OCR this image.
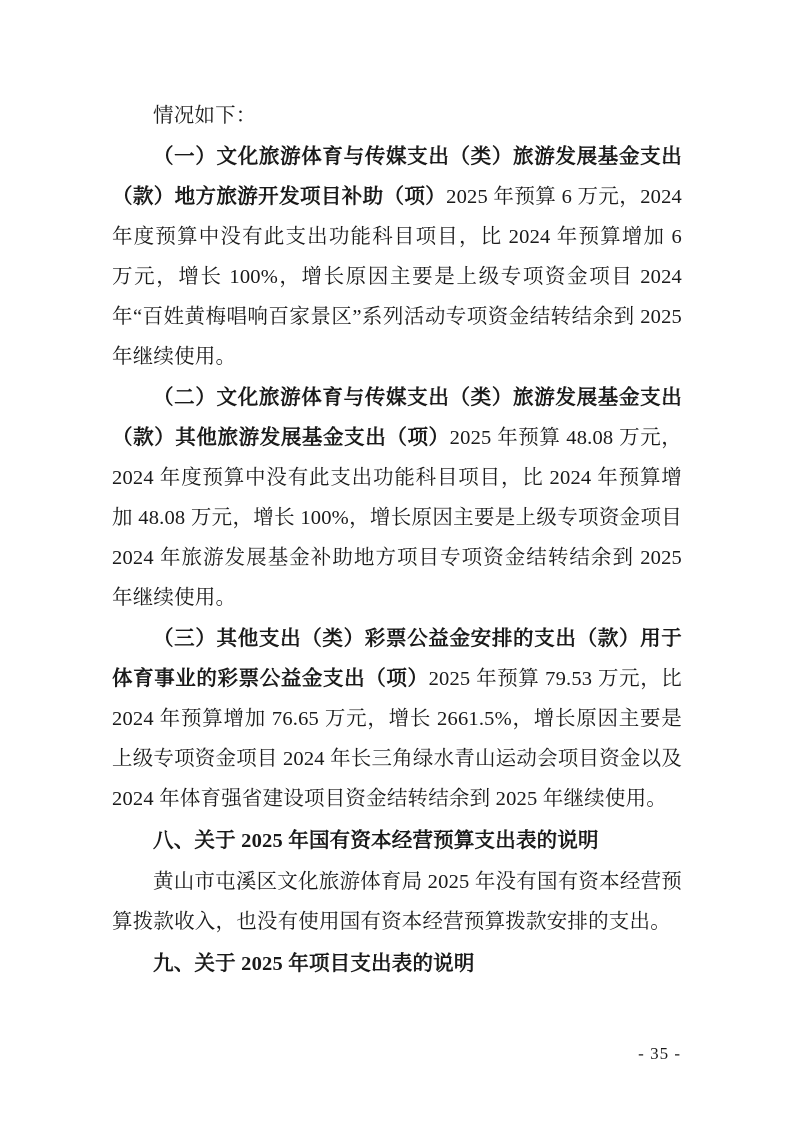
情况如下：

（一）文化旅游体育与传媒支出（类）旅游发展基金支出（款）地方旅游开发项目补助（项）2025 年预算 6 万元，2024 年度预算中没有此支出功能科目项目，比 2024 年预算增加 6 万元，增长 100%，增长原因主要是上级专项资金项目 2024 年“百姓黄梅唱响百家景区”系列活动专项资金结转结余到 2025 年继续使用。

（二）文化旅游体育与传媒支出（类）旅游发展基金支出（款）其他旅游发展基金支出（项）2025 年预算 48.08 万元，2024 年度预算中没有此支出功能科目项目，比 2024 年预算增加 48.08 万元，增长 100%，增长原因主要是上级专项资金项目 2024 年旅游发展基金补助地方项目专项资金结转结余到 2025 年继续使用。

（三）其他支出（类）彩票公益金安排的支出（款）用于体育事业的彩票公益金支出（项）2025 年预算 79.53 万元，比 2024 年预算增加 76.65 万元，增长 2661.5%，增长原因主要是上级专项资金项目 2024 年长三角绿水青山运动会项目资金以及 2024 年体育强省建设项目资金结转结余到 2025 年继续使用。

八、关于 2025 年国有资本经营预算支出表的说明

黄山市屯溪区文化旅游体育局 2025 年没有国有资本经营预算拨款收入，也没有使用国有资本经营预算拨款安排的支出。

九、关于 2025 年项目支出表的说明

- 35 -
